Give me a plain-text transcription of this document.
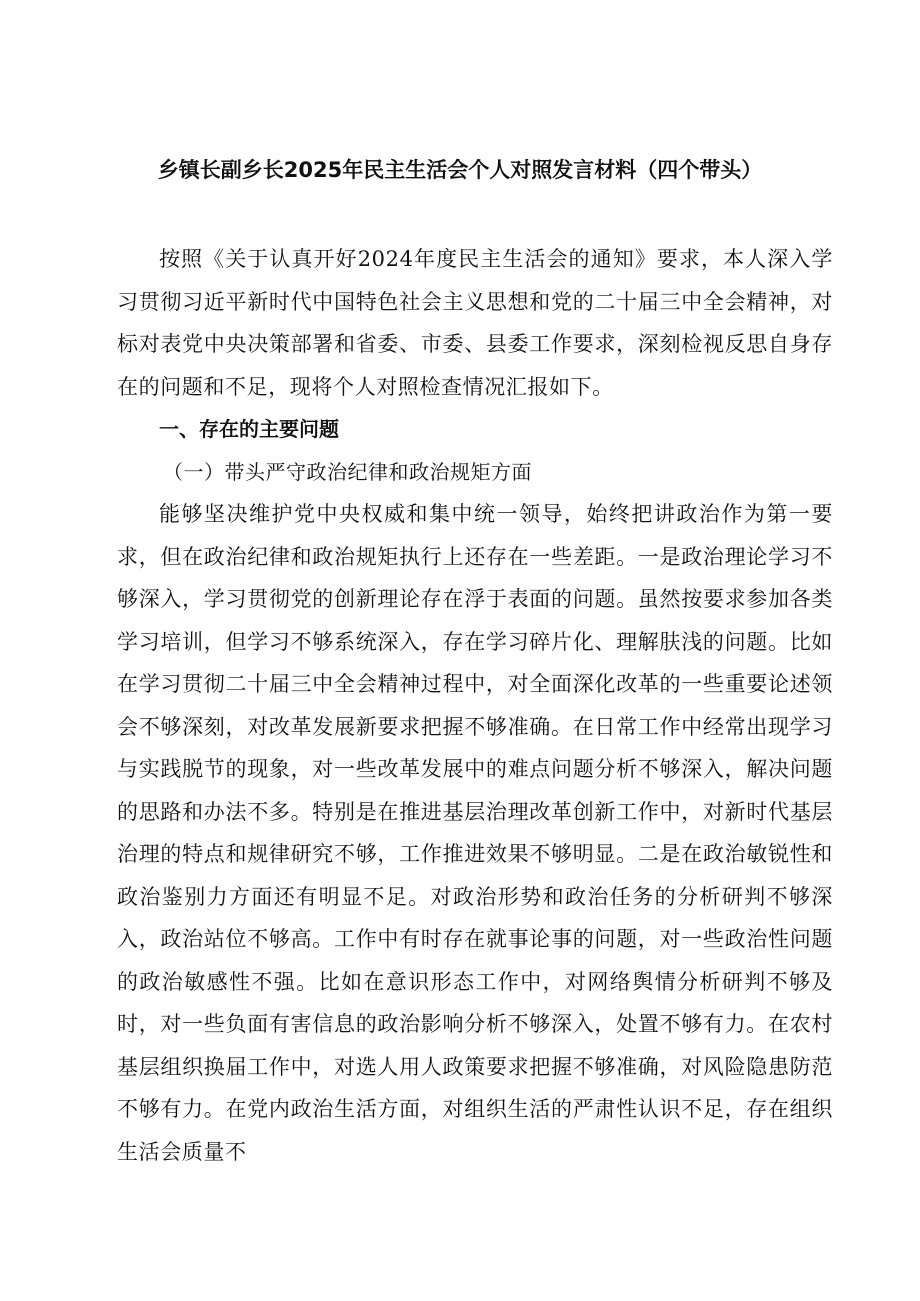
乡镇长副乡长2025年民主生活会个人对照发言材料（四个带头）

按照《关于认真开好2024年度民主生活会的通知》要求，本人深入学习贯彻习近平新时代中国特色社会主义思想和党的二十届三中全会精神，对标对表党中央决策部署和省委、市委、县委工作要求，深刻检视反思自身存在的问题和不足，现将个人对照检查情况汇报如下。

一、存在的主要问题

（一）带头严守政治纪律和政治规矩方面

能够坚决维护党中央权威和集中统一领导，始终把讲政治作为第一要求，但在政治纪律和政治规矩执行上还存在一些差距。一是政治理论学习不够深入，学习贯彻党的创新理论存在浮于表面的问题。虽然按要求参加各类学习培训，但学习不够系统深入，存在学习碎片化、理解肤浅的问题。比如在学习贯彻二十届三中全会精神过程中，对全面深化改革的一些重要论述领会不够深刻，对改革发展新要求把握不够准确。在日常工作中经常出现学习与实践脱节的现象，对一些改革发展中的难点问题分析不够深入，解决问题的思路和办法不多。特别是在推进基层治理改革创新工作中，对新时代基层治理的特点和规律研究不够，工作推进效果不够明显。二是在政治敏锐性和政治鉴别力方面还有明显不足。对政治形势和政治任务的分析研判不够深入，政治站位不够高。工作中有时存在就事论事的问题，对一些政治性问题的政治敏感性不强。比如在意识形态工作中，对网络舆情分析研判不够及时，对一些负面有害信息的政治影响分析不够深入，处置不够有力。在农村基层组织换届工作中，对选人用人政策要求把握不够准确，对风险隐患防范不够有力。在党内政治生活方面，对组织生活的严肃性认识不足，存在组织生活会质量不
